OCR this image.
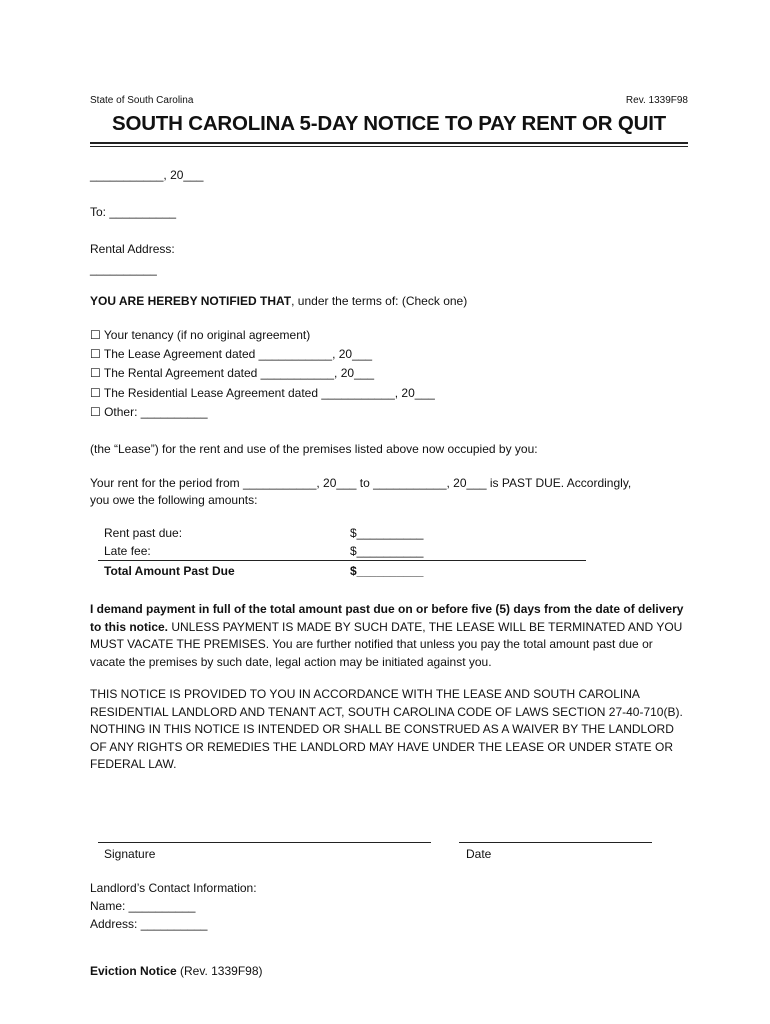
State of South Carolina	Rev. 1339F98
SOUTH CAROLINA 5-DAY NOTICE TO PAY RENT OR QUIT
___________, 20___
To: __________
Rental Address:
__________
YOU ARE HEREBY NOTIFIED THAT, under the terms of: (Check one)
☐ Your tenancy (if no original agreement)
☐ The Lease Agreement dated ___________, 20___
☐ The Rental Agreement dated ___________, 20___
☐ The Residential Lease Agreement dated ___________, 20___
☐ Other: __________
(the “Lease”) for the rent and use of the premises listed above now occupied by you:
Your rent for the period from ___________, 20___ to ___________, 20___ is PAST DUE. Accordingly,
you owe the following amounts:
Rent past due:	$__________
Late fee:	$__________
Total Amount Past Due	$__________
I demand payment in full of the total amount past due on or before five (5) days from the date of delivery to this notice. UNLESS PAYMENT IS MADE BY SUCH DATE, THE LEASE WILL BE TERMINATED AND YOU MUST VACATE THE PREMISES. You are further notified that unless you pay the total amount past due or vacate the premises by such date, legal action may be initiated against you.
THIS NOTICE IS PROVIDED TO YOU IN ACCORDANCE WITH THE LEASE AND SOUTH CAROLINA RESIDENTIAL LANDLORD AND TENANT ACT, SOUTH CAROLINA CODE OF LAWS SECTION 27-40-710(B). NOTHING IN THIS NOTICE IS INTENDED OR SHALL BE CONSTRUED AS A WAIVER BY THE LANDLORD OF ANY RIGHTS OR REMEDIES THE LANDLORD MAY HAVE UNDER THE LEASE OR UNDER STATE OR FEDERAL LAW.
Signature	Date
Landlord’s Contact Information:
Name: __________
Address: __________
Eviction Notice (Rev. 1339F98)
